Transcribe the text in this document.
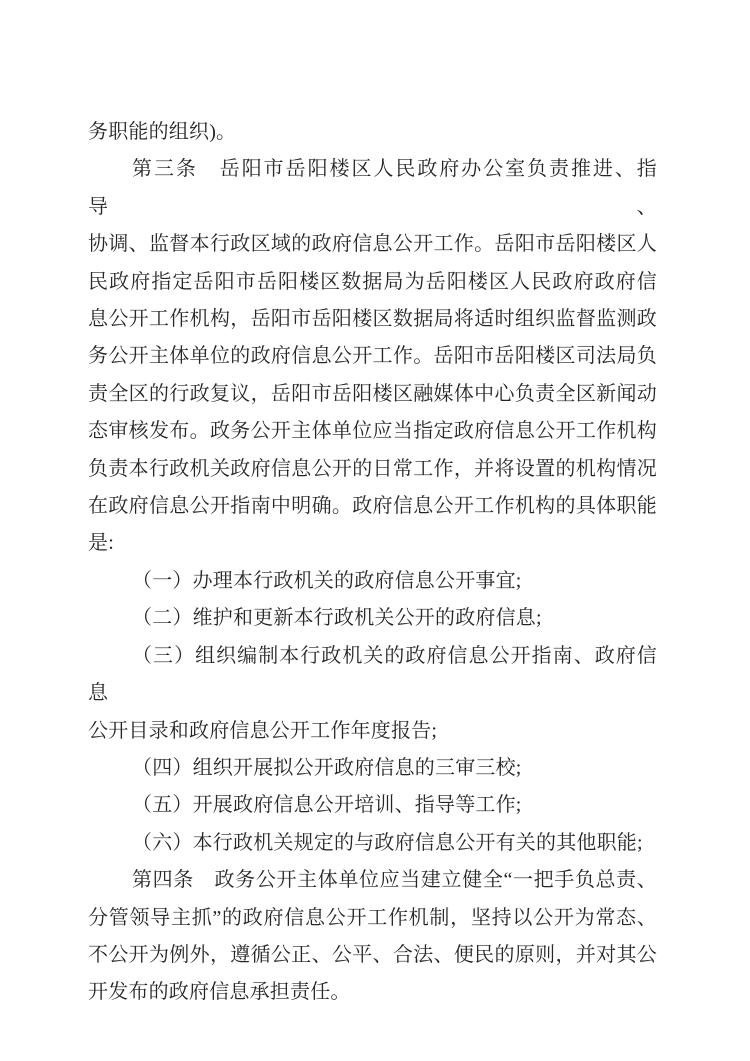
务职能的组织)。
第三条　岳阳市岳阳楼区人民政府办公室负责推进、指导、
协调、监督本行政区域的政府信息公开工作。岳阳市岳阳楼区人
民政府指定岳阳市岳阳楼区数据局为岳阳楼区人民政府政府信
息公开工作机构，岳阳市岳阳楼区数据局将适时组织监督监测政
务公开主体单位的政府信息公开工作。岳阳市岳阳楼区司法局负
责全区的行政复议，岳阳市岳阳楼区融媒体中心负责全区新闻动
态审核发布。政务公开主体单位应当指定政府信息公开工作机构
负责本行政机关政府信息公开的日常工作，并将设置的机构情况
在政府信息公开指南中明确。政府信息公开工作机构的具体职能
是:
（一）办理本行政机关的政府信息公开事宜;
（二）维护和更新本行政机关公开的政府信息;
（三）组织编制本行政机关的政府信息公开指南、政府信息
公开目录和政府信息公开工作年度报告;
（四）组织开展拟公开政府信息的三审三校;
（五）开展政府信息公开培训、指导等工作;
（六）本行政机关规定的与政府信息公开有关的其他职能;
第四条　政务公开主体单位应当建立健全“一把手负总责、
分管领导主抓”的政府信息公开工作机制，坚持以公开为常态、
不公开为例外，遵循公正、公平、合法、便民的原则，并对其公
开发布的政府信息承担责任。
